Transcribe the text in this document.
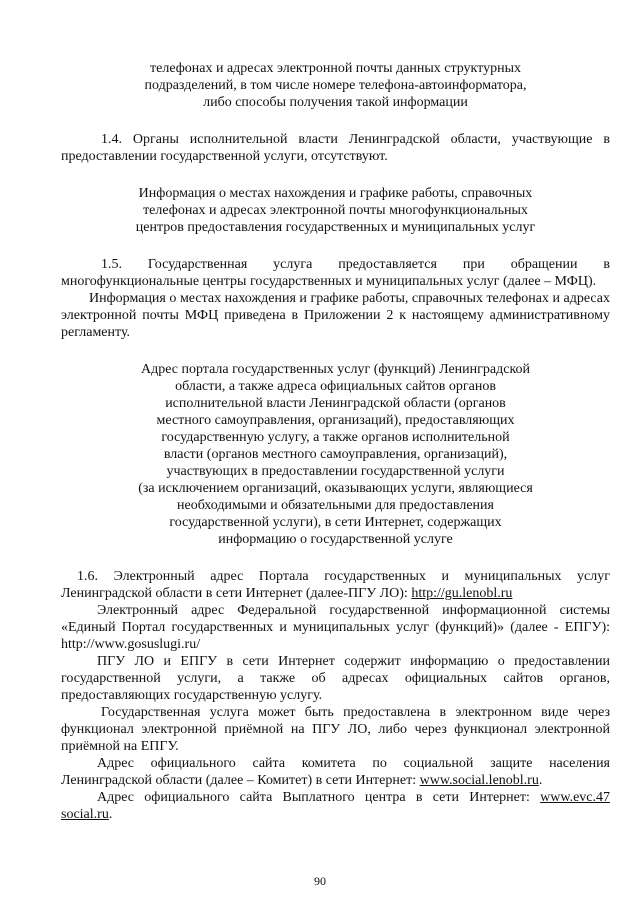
телефонах и адресах электронной почты данных структурных
подразделений, в том числе номере телефона-автоинформатора,
либо способы получения такой информации

1.4. Органы исполнительной власти Ленинградской области, участвующие в предоставлении государственной услуги, отсутствуют.

Информация о местах нахождения и графике работы, справочных
телефонах и адресах электронной почты многофункциональных
центров предоставления государственных и муниципальных услуг

1.5. Государственная услуга предоставляется при обращении в многофункциональные центры государственных и муниципальных услуг (далее – МФЦ).

Информация о местах нахождения и графике работы, справочных телефонах и адресах электронной почты МФЦ приведена в Приложении 2 к настоящему административному регламенту.

Адрес портала государственных услуг (функций) Ленинградской
области, а также адреса официальных сайтов органов
исполнительной власти Ленинградской области (органов
местного самоуправления, организаций), предоставляющих
государственную услугу, а также органов исполнительной
власти (органов местного самоуправления, организаций),
участвующих в предоставлении государственной услуги
(за исключением организаций, оказывающих услуги, являющиеся
необходимыми и обязательными для предоставления
государственной услуги), в сети Интернет, содержащих
информацию о государственной услуге

1.6. Электронный адрес Портала государственных и муниципальных услуг Ленинградской области в сети Интернет (далее-ПГУ ЛО): http://gu.lenobl.ru

Электронный адрес Федеральной государственной информационной системы «Единый Портал государственных и муниципальных услуг (функций)» (далее - ЕПГУ): http://www.gosuslugi.ru/

ПГУ ЛО и ЕПГУ в сети Интернет содержит информацию о предоставлении государственной услуги, а также об адресах официальных сайтов органов, предоставляющих государственную услугу.

Государственная услуга может быть предоставлена в электронном виде через функционал электронной приёмной на ПГУ ЛО, либо через функционал электронной приёмной на ЕПГУ.

Адрес официального сайта комитета по социальной защите населения Ленинградской области (далее – Комитет) в сети Интернет: www.social.lenobl.ru.

Адрес официального сайта Выплатного центра в сети Интернет: www.evc.47 social.ru.

90
